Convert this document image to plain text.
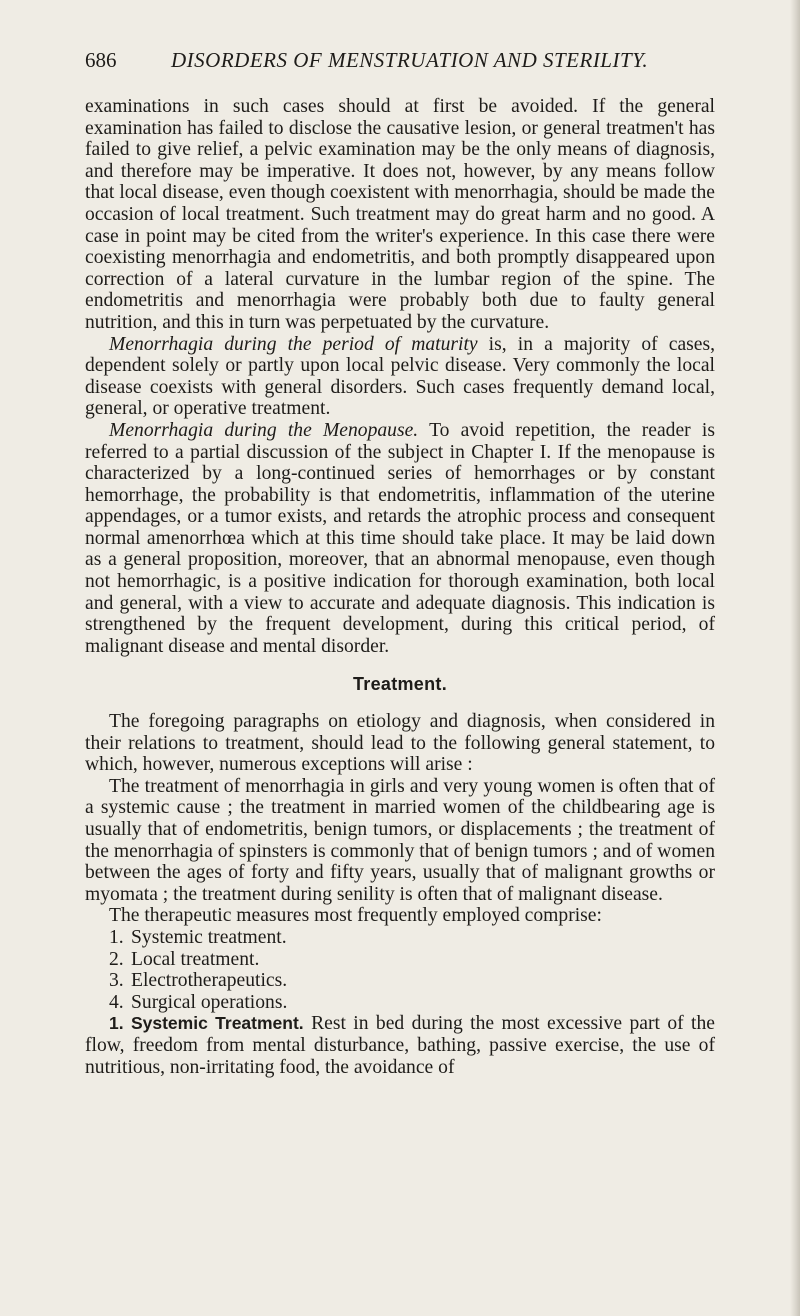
686	DISORDERS OF MENSTRUATION AND STERILITY.

examinations in such cases should at first be avoided. If the general examination has failed to disclose the causative lesion, or general treatmen't has failed to give relief, a pelvic examination may be the only means of diagnosis, and therefore may be imperative. It does not, however, by any means follow that local disease, even though coexistent with menorrhagia, should be made the occasion of local treatment. Such treatment may do great harm and no good. A case in point may be cited from the writer's experience. In this case there were coexisting menorrhagia and endometritis, and both promptly disappeared upon correction of a lateral curvature in the lumbar region of the spine. The endometritis and menorrhagia were probably both due to faulty general nutrition, and this in turn was perpetuated by the curvature.

Menorrhagia during the period of maturity is, in a majority of cases, dependent solely or partly upon local pelvic disease. Very commonly the local disease coexists with general disorders. Such cases frequently demand local, general, or operative treatment.

Menorrhagia during the Menopause. To avoid repetition, the reader is referred to a partial discussion of the subject in Chapter I. If the menopause is characterized by a long-continued series of hemorrhages or by constant hemorrhage, the probability is that endometritis, inflammation of the uterine appendages, or a tumor exists, and retards the atrophic process and consequent normal amenorrhœa which at this time should take place. It may be laid down as a general proposition, moreover, that an abnormal menopause, even though not hemorrhagic, is a positive indication for thorough examination, both local and general, with a view to accurate and adequate diagnosis. This indication is strengthened by the frequent development, during this critical period, of malignant disease and mental disorder.

Treatment.

The foregoing paragraphs on etiology and diagnosis, when considered in their relations to treatment, should lead to the following general statement, to which, however, numerous exceptions will arise :

The treatment of menorrhagia in girls and very young women is often that of a systemic cause ; the treatment in married women of the childbearing age is usually that of endometritis, benign tumors, or displacements ; the treatment of the menorrhagia of spinsters is commonly that of benign tumors ; and of women between the ages of forty and fifty years, usually that of malignant growths or myomata ; the treatment during senility is often that of malignant disease.

The therapeutic measures most frequently employed comprise:

1. Systemic treatment.
2. Local treatment.
3. Electrotherapeutics.
4. Surgical operations.

1. Systemic Treatment. Rest in bed during the most excessive part of the flow, freedom from mental disturbance, bathing, passive exercise, the use of nutritious, non-irritating food, the avoidance of
